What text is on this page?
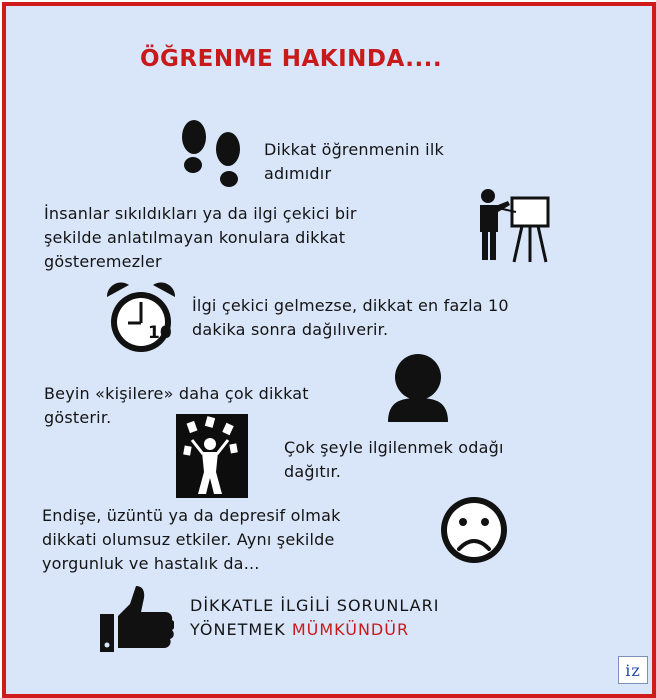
ÖĞRENME HAKINDA....
Dikkat öğrenmenin ilk
adımıdır
İnsanlar sıkıldıkları ya da ilgi çekici bir
şekilde anlatılmayan konulara dikkat
gösteremezler
10
İlgi çekici gelmezse, dikkat en fazla 10
dakika sonra dağılıverir.
Beyin «kişilere» daha çok dikkat
gösterir.
Çok şeyle ilgilenmek odağı
dağıtır.
Endişe, üzüntü ya da depresif olmak
dikkati olumsuz etkiler. Aynı şekilde
yorgunluk ve hastalık da...
DİKKATLE İLGİLİ SORUNLARI
YÖNETMEK MÜMKÜNDÜR
iz
